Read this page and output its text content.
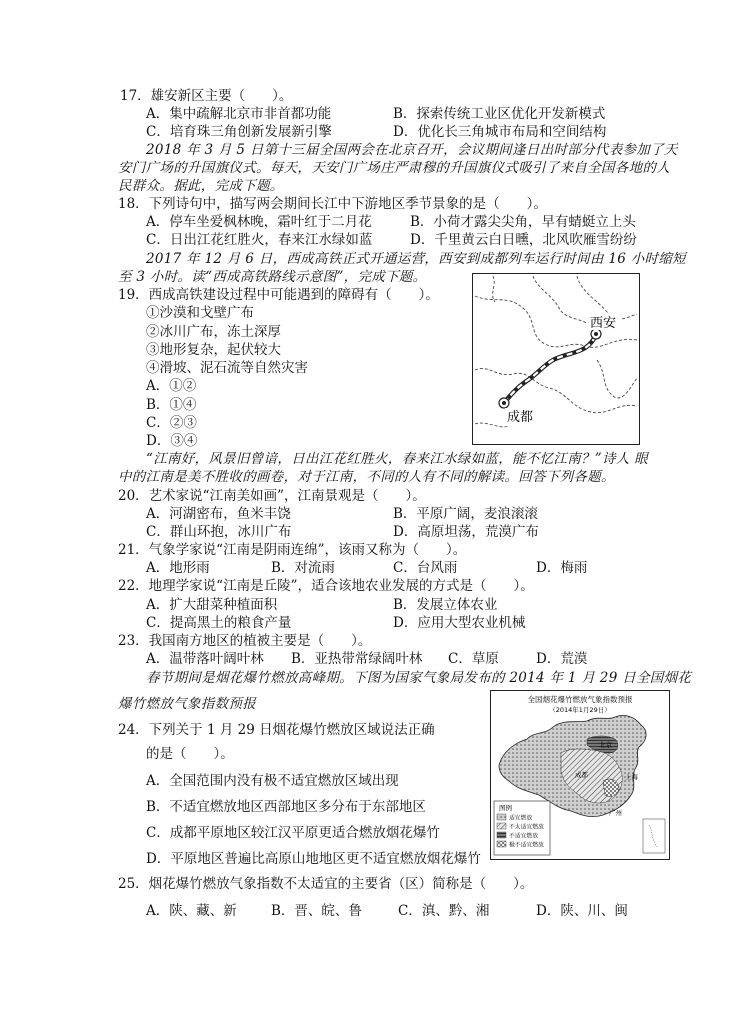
17．雄安新区主要（　　）。
A．集中疏解北京市非首都功能	B．探索传统工业区优化开发新模式
C．培育珠三角创新发展新引擎	D．优化长三角城市布局和空间结构
2018 年 3 月 5 日第十三届全国两会在北京召开，会议期间逢日出时部分代表参加了天
安门广场的升国旗仪式。每天，天安门广场庄严肃穆的升国旗仪式吸引了来自全国各地的人
民群众。据此，完成下题。
18．下列诗句中，描写两会期间长江中下游地区季节景象的是（　　）。
A．停车坐爱枫林晚，霜叶红于二月花	B．小荷才露尖尖角，早有蜻蜓立上头
C．日出江花红胜火，春来江水绿如蓝	D．千里黄云白日曛，北风吹雁雪纷纷
2017 年 12 月 6 日，西成高铁正式开通运营，西安到成都列车运行时间由 16 小时缩短
至 3 小时。读“西成高铁路线示意图”，完成下题。
19．西成高铁建设过程中可能遇到的障碍有（　　）。
①沙漠和戈壁广布
②冰川广布，冻土深厚
③地形复杂，起伏较大
④滑坡、泥石流等自然灾害
A．①②
B．①④
C．②③
D．③④
西安
成都
“江南好，风景旧曾谙，日出江花红胜火，春来江水绿如蓝，能不忆江南？”诗人 眼
中的江南是美不胜收的画卷，对于江南，不同的人有不同的解读。回答下列各题。
20．艺术家说“江南美如画”，江南景观是（　　）。
A．河湖密布，鱼米丰饶	B．平原广阔，麦浪滚滚
C．群山环抱，冰川广布	D．高原坦荡，荒漠广布
21．气象学家说“江南是阴雨连绵”，该雨又称为（　　）。
A．地形雨	B．对流雨	C．台风雨	D．梅雨
22．地理学家说“江南是丘陵”，适合该地农业发展的方式是（　　）。
A．扩大甜菜种植面积	B．发展立体农业
C．提高黑土的粮食产量	D．应用大型农业机械
23．我国南方地区的植被主要是（　　）。
A．温带落叶阔叶林 B．亚热带常绿阔叶林 C．草原	D．荒漠
春节期间是烟花爆竹燃放高峰期。下图为国家气象局发布的 2014 年 1 月 29 日全国烟花
爆竹燃放气象指数预报
24．下列关于 1 月 29 日烟花爆竹燃放区域说法正确
的是（　　）。
A．全国范围内没有极不适宜燃放区域出现
B．不适宜燃放地区西部地区多分布于东部地区
C．成都平原地区较江汉平原更适合燃放烟花爆竹
D．平原地区普遍比高原山地地区更不适宜燃放烟花爆竹
25．烟花爆竹燃放气象指数不太适宜的主要省（区）简称是（　　）。
A．陕、藏、新	B．晋、皖、鲁	C．滇、黔、湘	D．陕、川、闽
全国烟花爆竹燃放气象指数预报
（2014年1月29日）
北京
成都	上海
广州
图例
适宜燃放
不太适宜燃放
不适宜燃放
极不适宜燃放
